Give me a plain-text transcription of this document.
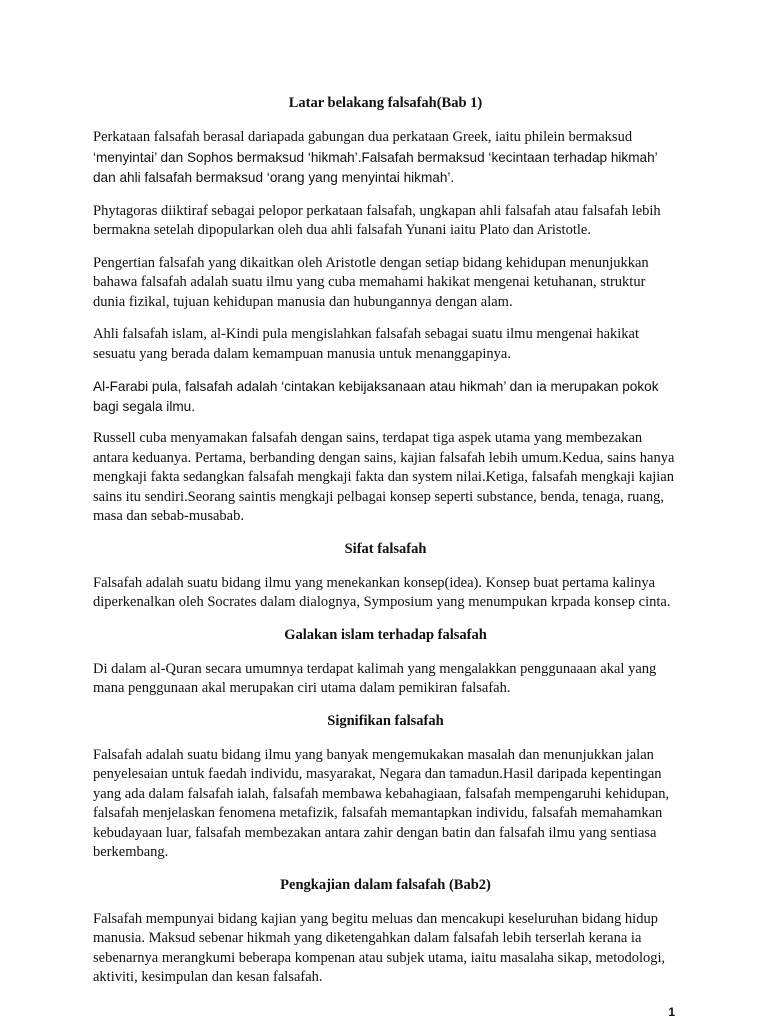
Latar belakang falsafah(Bab 1)

Perkataan falsafah berasal dariapada gabungan dua perkataan Greek, iaitu philein bermaksud
‘menyintai’ dan Sophos bermaksud ‘hikmah’.Falsafah bermaksud ‘kecintaan terhadap hikmah’ dan ahli falsafah bermaksud ‘orang yang menyintai hikmah’.

Phytagoras diiktiraf sebagai pelopor perkataan falsafah, ungkapan ahli falsafah atau falsafah lebih bermakna setelah dipopularkan oleh dua ahli falsafah Yunani iaitu Plato dan Aristotle.

Pengertian falsafah yang dikaitkan oleh Aristotle dengan setiap bidang kehidupan menunjukkan bahawa falsafah adalah suatu ilmu yang cuba memahami hakikat mengenai ketuhanan, struktur dunia fizikal, tujuan kehidupan manusia dan hubungannya dengan alam.

Ahli falsafah islam, al-Kindi pula mengislahkan falsafah sebagai suatu ilmu mengenai hakikat sesuatu yang berada dalam kemampuan manusia untuk menanggapinya.

Al-Farabi pula, falsafah adalah ‘cintakan kebijaksanaan atau hikmah’ dan ia merupakan pokok bagi segala ilmu.

Russell cuba menyamakan falsafah dengan sains, terdapat tiga aspek utama yang membezakan antara keduanya. Pertama, berbanding dengan sains, kajian falsafah lebih umum.Kedua, sains hanya mengkaji fakta sedangkan falsafah mengkaji fakta dan system nilai.Ketiga, falsafah mengkaji kajian sains itu sendiri.Seorang saintis mengkaji pelbagai konsep seperti substance, benda, tenaga, ruang, masa dan sebab-musabab.

Sifat falsafah

Falsafah adalah suatu bidang ilmu yang menekankan konsep(idea). Konsep buat pertama kalinya diperkenalkan oleh Socrates dalam dialognya, Symposium yang menumpukan krpada konsep cinta.

Galakan islam terhadap falsafah

Di dalam al-Quran secara umumnya terdapat kalimah yang mengalakkan penggunaaan akal yang mana penggunaan akal merupakan ciri utama dalam pemikiran falsafah.

Signifikan falsafah

Falsafah adalah suatu bidang ilmu yang banyak mengemukakan masalah dan menunjukkan jalan penyelesaian untuk faedah individu, masyarakat, Negara dan tamadun.Hasil daripada kepentingan yang ada dalam falsafah ialah, falsafah membawa kebahagiaan, falsafah mempengaruhi kehidupan, falsafah menjelaskan fenomena metafizik, falsafah memantapkan individu, falsafah memahamkan kebudayaan luar, falsafah membezakan antara zahir dengan batin dan falsafah ilmu yang sentiasa berkembang.

Pengkajian dalam falsafah (Bab2)

Falsafah mempunyai bidang kajian yang begitu meluas dan mencakupi keseluruhan bidang hidup manusia. Maksud sebenar hikmah yang diketengahkan dalam falsafah lebih terserlah kerana ia sebenarnya merangkumi beberapa kompenan atau subjek utama, iaitu masalaha sikap, metodologi, aktiviti, kesimpulan dan kesan falsafah.

1
